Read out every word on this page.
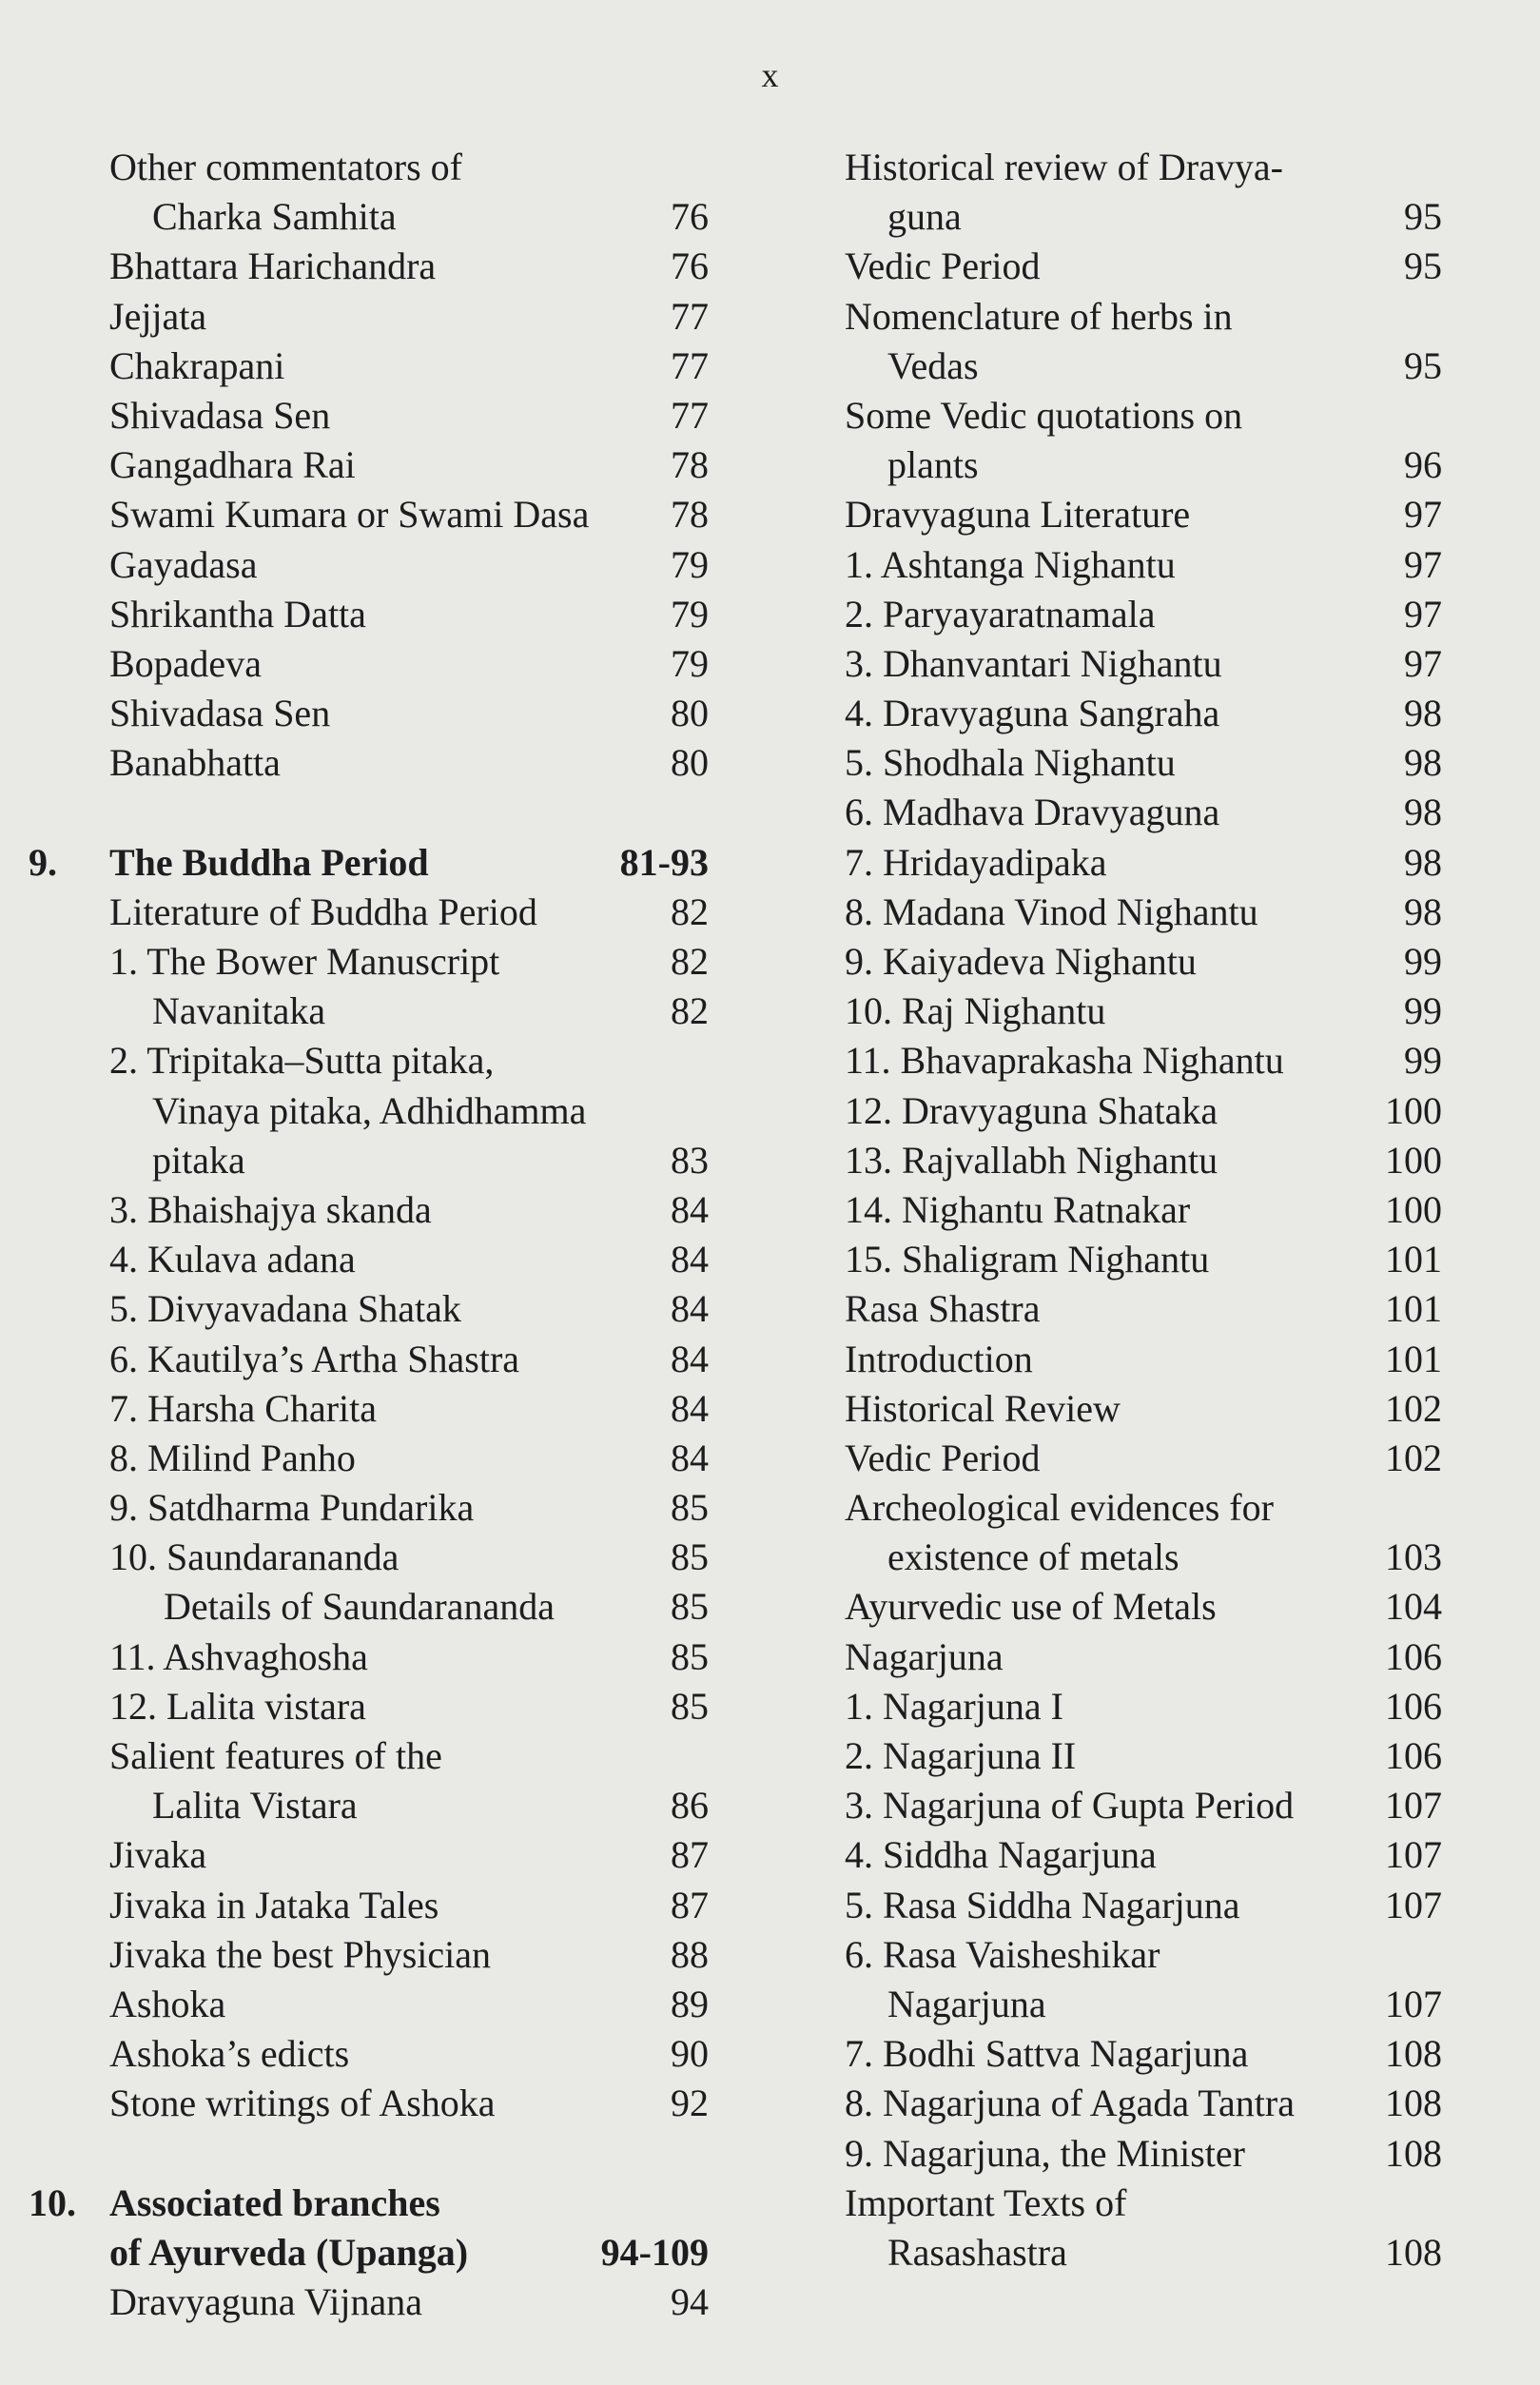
x
Other commentators of
Charka Samhita	76
Bhattara Harichandra	76
Jejjata	77
Chakrapani	77
Shivadasa Sen	77
Gangadhara Rai	78
Swami Kumara or Swami Dasa 78
Gayadasa	79
Shrikantha Datta	79
Bopadeva	79
Shivadasa Sen	80
Banabhatta	80
9. The Buddha Period	81-93
Literature of Buddha Period	82
1. The Bower Manuscript	82
Navanitaka	82
2. Tripitaka–Sutta pitaka,
Vinaya pitaka, Adhidhamma
pitaka	83
3. Bhaishajya skanda	84
4. Kulava adana	84
5. Divyavadana Shatak	84
6. Kautilya’s Artha Shastra	84
7. Harsha Charita	84
8. Milind Panho	84
9. Satdharma Pundarika	85
10. Saundarananda	85
Details of Saundarananda	85
11. Ashvaghosha	85
12. Lalita vistara	85
Salient features of the
Lalita Vistara	86
Jivaka	87
Jivaka in Jataka Tales	87
Jivaka the best Physician	88
Ashoka	89
Ashoka’s edicts	90
Stone writings of Ashoka	92
10. Associated branches
of Ayurveda (Upanga)	94-109
Dravyaguna Vijnana	94
Historical review of Dravya-
guna	95
Vedic Period	95
Nomenclature of herbs in
Vedas	95
Some Vedic quotations on
plants	96
Dravyaguna Literature	97
1. Ashtanga Nighantu	97
2. Paryayaratnamala	97
3. Dhanvantari Nighantu	97
4. Dravyaguna Sangraha	98
5. Shodhala Nighantu	98
6. Madhava Dravyaguna	98
7. Hridayadipaka	98
8. Madana Vinod Nighantu	98
9. Kaiyadeva Nighantu	99
10. Raj Nighantu	99
11. Bhavaprakasha Nighantu	99
12. Dravyaguna Shataka	100
13. Rajvallabh Nighantu	100
14. Nighantu Ratnakar	100
15. Shaligram Nighantu	101
Rasa Shastra	101
Introduction	101
Historical Review	102
Vedic Period	102
Archeological evidences for
existence of metals	103
Ayurvedic use of Metals	104
Nagarjuna	106
1. Nagarjuna I	106
2. Nagarjuna II	106
3. Nagarjuna of Gupta Period 107
4. Siddha Nagarjuna	107
5. Rasa Siddha Nagarjuna	107
6. Rasa Vaisheshikar
Nagarjuna	107
7. Bodhi Sattva Nagarjuna	108
8. Nagarjuna of Agada Tantra 108
9. Nagarjuna, the Minister	108
Important Texts of
Rasashastra	108
